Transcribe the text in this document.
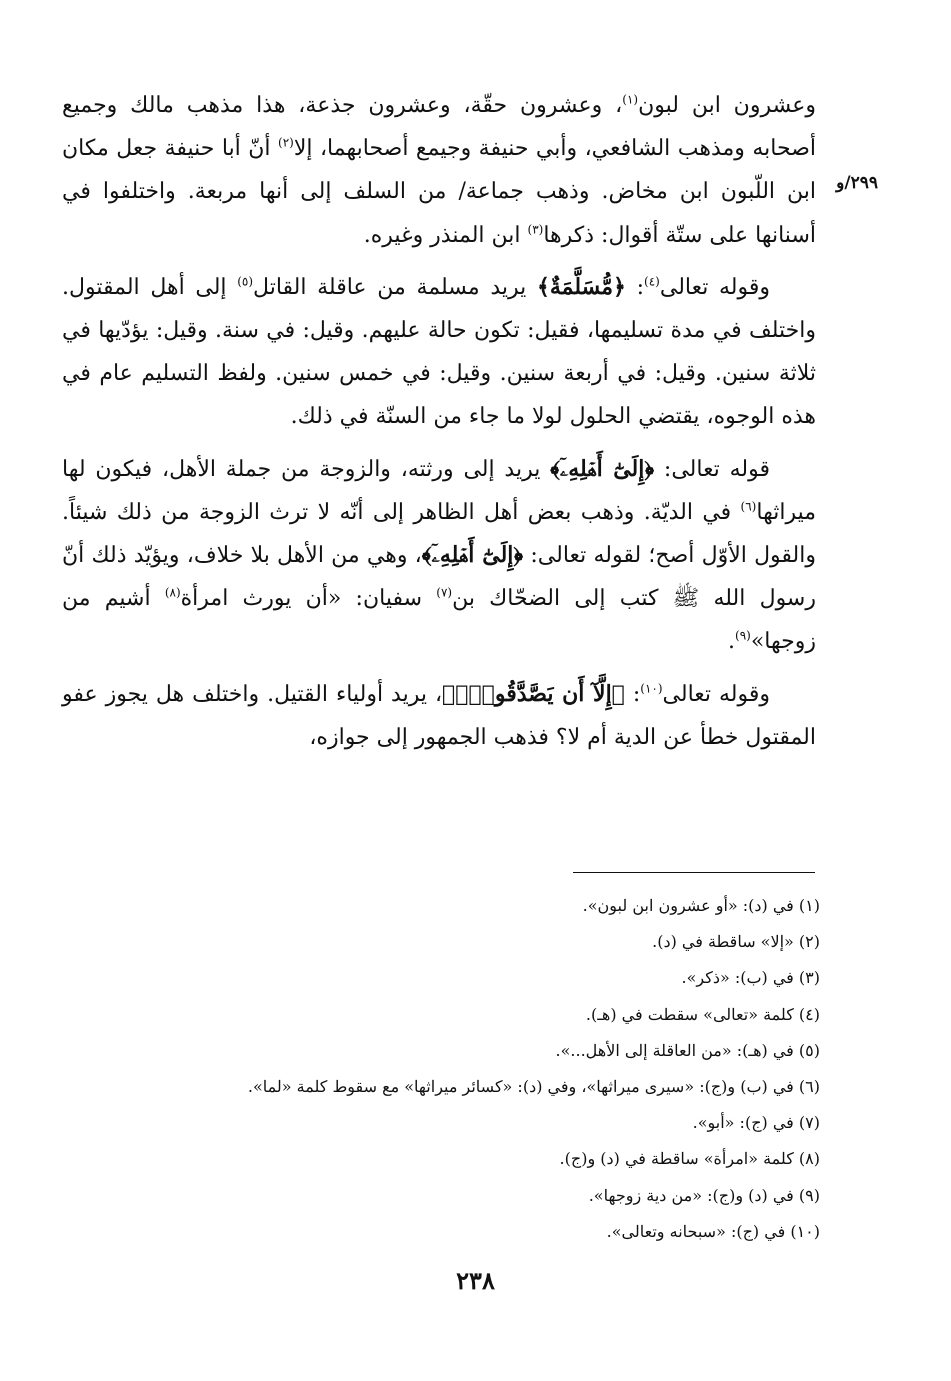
٢٩٩/و

وعشرون ابن لبون$^{(١)}$، وعشرون حقّة، وعشرون جذعة، هذا مذهب مالك وجميع أصحابه ومذهب الشافعي، وأبي حنيفة وجيمع أصحابهما، إلا$^{(٢)}$ أنّ أبا حنيفة جعل مكان ابن اللّبون ابن مخاض. وذهب جماعة/ من السلف إلى أنها مربعة. واختلفوا في أسنانها على ستّة أقوال: ذكرها$^{(٣)}$ ابن المنذر وغيره.

وقوله تعالى$^{(٤)}$: ﴿مُّسَلَّمَةٌ﴾ يريد مسلمة من عاقلة القاتل$^{(٥)}$ إلى أهل المقتول. واختلف في مدة تسليمها، فقيل: تكون حالة عليهم. وقيل: في سنة. وقيل: يؤدّيها في ثلاثة سنين. وقيل: في أربعة سنين. وقيل: في خمس سنين. ولفظ التسليم عام في هذه الوجوه، يقتضي الحلول لولا ما جاء من السنّة في ذلك.

قوله تعالى: ﴿إِلَىٰٓ أَهۡلِهِۦٓ﴾ يريد إلى ورثته، والزوجة من جملة الأهل، فيكون لها ميراثها$^{(٦)}$ في الديّة. وذهب بعض أهل الظاهر إلى أنّه لا ترث الزوجة من ذلك شيئاً. والقول الأوّل أصح؛ لقوله تعالى: ﴿إِلَىٰٓ أَهۡلِهِۦٓ﴾، وهي من الأهل بلا خلاف، ويؤيّد ذلك أنّ رسول الله ﷺ كتب إلى الضحّاك بن$^{(٧)}$ سفيان: «أن يورث امرأة$^{(٨)}$ أشيم من زوجها»$^{(٩)}$.

وقوله تعالى$^{(١٠)}$: ﴿إِلَّآ أَن يَصَّدَّقُواْۚ﴾، يريد أولياء القتيل. واختلف هل يجوز عفو المقتول خطأ عن الدية أم لا؟ فذهب الجمهور إلى جوازه،

(١) في (د): «أو عشرون ابن لبون».

(٢) «إلا» ساقطة في (د).

(٣) في (ب): «ذكر».

(٤) كلمة «تعالى» سقطت في (هـ).

(٥) في (هـ): «من العاقلة إلى الأهل...».

(٦) في (ب) و(ج): «سيرى ميراثها»، وفي (د): «كسائر ميراثها» مع سقوط كلمة «لما».

(٧) في (ج): «أبو».

(٨) كلمة «امرأة» ساقطة في (د) و(ج).

(٩) في (د) و(ج): «من دية زوجها».

(١٠) في (ج): «سبحانه وتعالى».

٢٣٨
